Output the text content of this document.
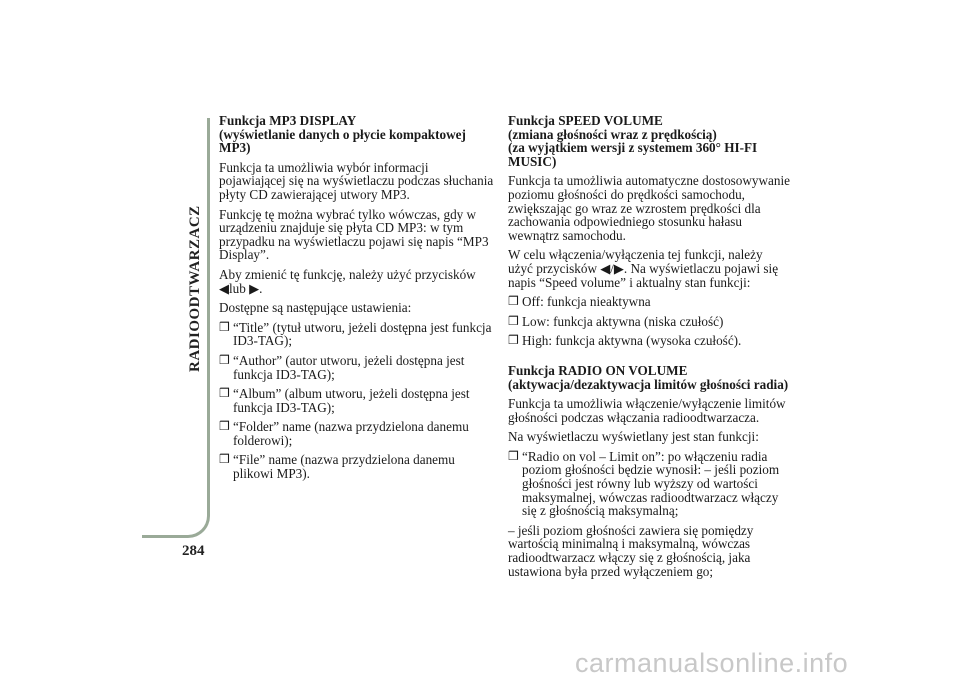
RADIOODTWARZACZ
284
Funkcja MP3 DISPLAY
(wyświetlanie danych o płycie kompaktowej MP3)
Funkcja ta umożliwia wybór informacji pojawiającej się na wyświetlaczu podczas słuchania płyty CD zawierającej utwory MP3.
Funkcję tę można wybrać tylko wówczas, gdy w urządzeniu znajduje się płyta CD MP3: w tym przypadku na wyświetlaczu pojawi się napis “MP3 Display”.
Aby zmienić tę funkcję, należy użyć przycisków ◀lub ▶.
Dostępne są następujące ustawienia:
❒ “Title” (tytuł utworu, jeżeli dostępna jest funkcja ID3-TAG);
❒ “Author” (autor utworu, jeżeli dostępna jest funkcja ID3-TAG);
❒ “Album” (album utworu, jeżeli dostępna jest funkcja ID3-TAG);
❒ “Folder” name (nazwa przydzielona danemu folderowi);
❒ “File” name (nazwa przydzielona danemu plikowi MP3).
Funkcja SPEED VOLUME
(zmiana głośności wraz z prędkością)
(za wyjątkiem wersji z systemem 360° HI-FI MUSIC)
Funkcja ta umożliwia automatyczne dostosowywanie poziomu głośności do prędkości samochodu, zwiększając go wraz ze wzrostem prędkości dla zachowania odpowiedniego stosunku hałasu wewnątrz samochodu.
W celu włączenia/wyłączenia tej funkcji, należy użyć przycisków ◀/▶. Na wyświetlaczu pojawi się napis “Speed volume” i aktualny stan funkcji:
❒ Off: funkcja nieaktywna
❒ Low: funkcja aktywna (niska czułość)
❒ High: funkcja aktywna (wysoka czułość).
Funkcja RADIO ON VOLUME
(aktywacja/dezaktywacja limitów głośności radia)
Funkcja ta umożliwia włączenie/wyłączenie limitów głośności podczas włączania radioodtwarzacza.
Na wyświetlaczu wyświetlany jest stan funkcji:
❒ “Radio on vol – Limit on”: po włączeniu radia poziom głośności będzie wynosił: – jeśli poziom głośności jest równy lub wyższy od wartości maksymalnej, wówczas radioodtwarzacz włączy się z głośnością maksymalną;
– jeśli poziom głośności zawiera się pomiędzy wartością minimalną i maksymalną, wówczas radioodtwarzacz włączy się z głośnością, jaka ustawiona była przed wyłączeniem go;
carmanualsonline.info
